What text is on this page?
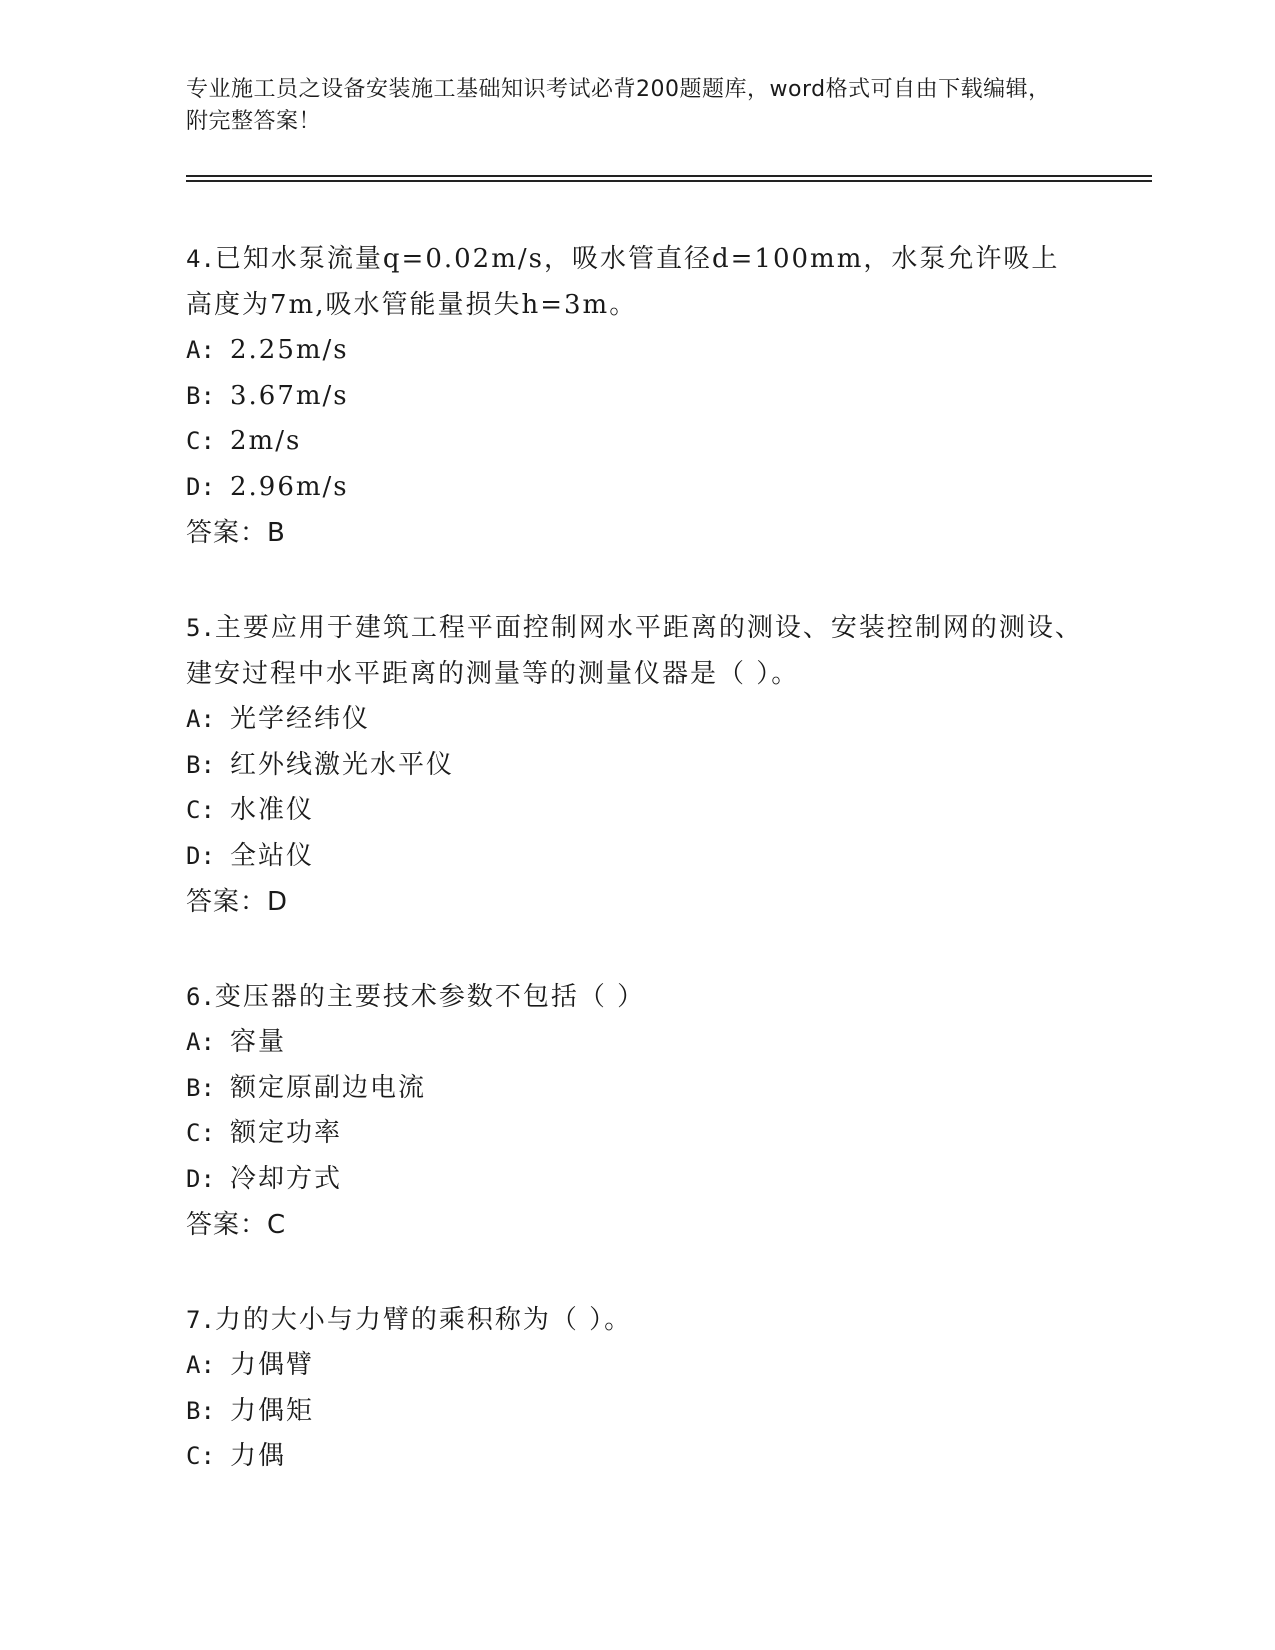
专业施工员之设备安装施工基础知识考试必背200题题库，word格式可自由下载编辑，附完整答案！
4.已知水泵流量q=0.02m/s，吸水管直径d=100mm，水泵允许吸上高度为7m,吸水管能量损失h=3m。
A: 2.25m/s
B: 3.67m/s
C: 2m/s
D: 2.96m/s
答案：B
5.主要应用于建筑工程平面控制网水平距离的测设、安装控制网的测设、建安过程中水平距离的测量等的测量仪器是（ ）。
A: 光学经纬仪
B: 红外线激光水平仪
C: 水准仪
D: 全站仪
答案：D
6.变压器的主要技术参数不包括（ ）
A: 容量
B: 额定原副边电流
C: 额定功率
D: 冷却方式
答案：C
7.力的大小与力臂的乘积称为（ ）。
A: 力偶臂
B: 力偶矩
C: 力偶
